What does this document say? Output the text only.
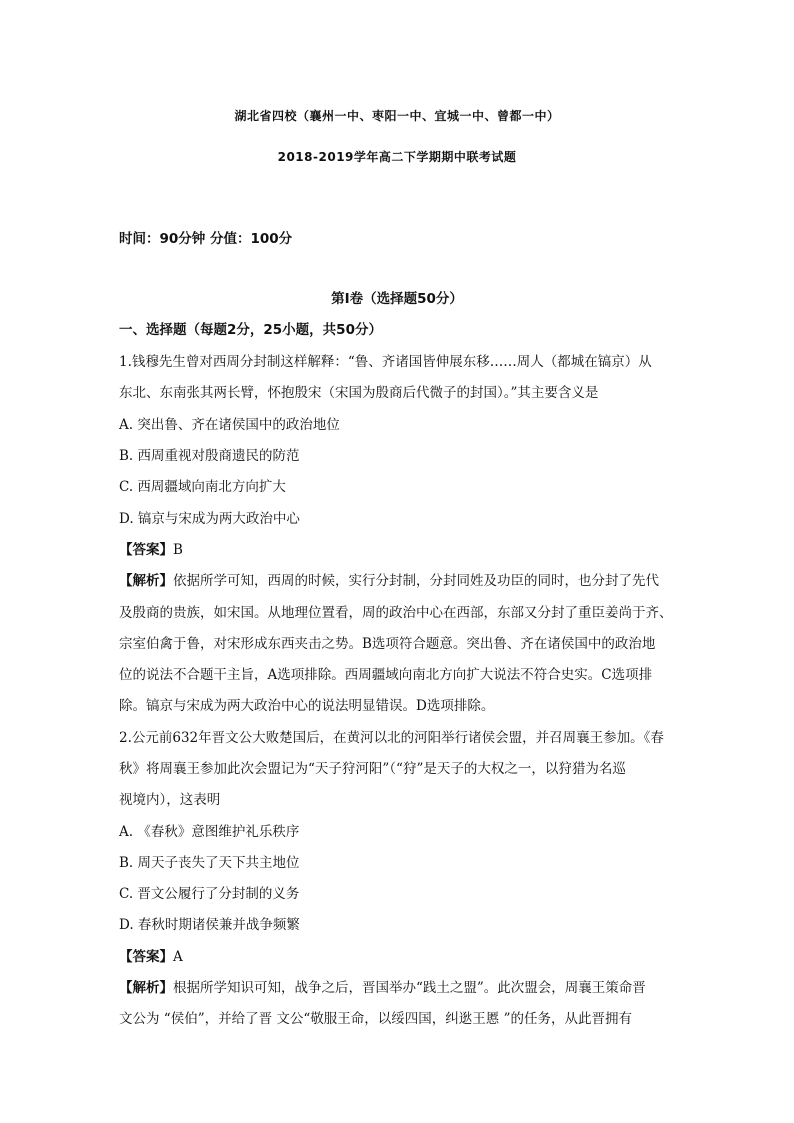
湖北省四校（襄州一中、枣阳一中、宜城一中、曾都一中）
2018-2019学年高二下学期期中联考试题
时间：90分钟 分值：100分
第I卷（选择题50分）
一、选择题（每题2分，25小题，共50分）
1.钱穆先生曾对西周分封制这样解释：“鲁、齐诸国皆伸展东移……周人（都城在镐京）从
东北、东南张其两长臂，怀抱殷宋（宋国为殷商后代微子的封国）。”其主要含义是
A. 突出鲁、齐在诸侯国中的政治地位
B. 西周重视对殷商遗民的防范
C. 西周疆域向南北方向扩大
D. 镐京与宋成为两大政治中心
【答案】B
【解析】依据所学可知，西周的时候，实行分封制，分封同姓及功臣的同时，也分封了先代
及殷商的贵族，如宋国。从地理位置看，周的政治中心在西部，东部又分封了重臣姜尚于齐、
宗室伯禽于鲁，对宋形成东西夹击之势。B选项符合题意。突出鲁、齐在诸侯国中的政治地
位的说法不合题干主旨，A选项排除。西周疆域向南北方向扩大说法不符合史实。C选项排
除。镐京与宋成为两大政治中心的说法明显错误。D选项排除。
2.公元前632年晋文公大败楚国后，在黄河以北的河阳举行诸侯会盟，并召周襄王参加。《春
秋》将周襄王参加此次会盟记为“天子狩河阳”（“狩”是天子的大权之一，以狩猎为名巡
视境内），这表明
A. 《春秋》意图维护礼乐秩序
B. 周天子丧失了天下共主地位
C. 晋文公履行了分封制的义务
D. 春秋时期诸侯兼并战争频繁
【答案】A
【解析】根据所学知识可知，战争之后，晋国举办“践土之盟”。此次盟会，周襄王策命晋
文公为 “侯伯”，并给了晋 文公“敬服王命，以绥四国，纠逖王慝 ”的任务，从此晋拥有
